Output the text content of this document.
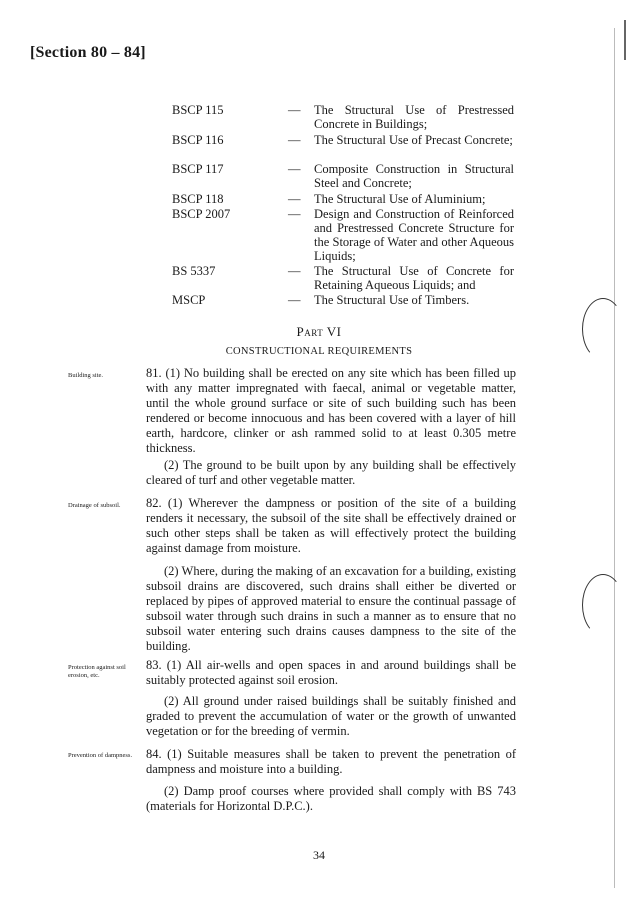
[Section 80 – 84]
BSCP 115	— The Structural Use of Prestressed Concrete in Buildings;
BSCP 116	— The Structural Use of Precast Concrete;
BSCP 117	— Composite Construction in Structural Steel and Concrete;
BSCP 118	— The Structural Use of Aluminium;
BSCP 2007	— Design and Construction of Reinforced and Prestressed Concrete Structure for the Storage of Water and other Aqueous Liquids;
BS 5337	— The Structural Use of Concrete for Retaining Aqueous Liquids; and
MSCP	— The Structural Use of Timbers.
Part VI
CONSTRUCTIONAL REQUIREMENTS
Building site.	81. (1) No building shall be erected on any site which has been filled up with any matter impregnated with faecal, animal or vegetable matter, until the whole ground surface or site of such building such has been rendered or become innocuous and has been covered with a layer of hill earth, hardcore, clinker or ash rammed solid to at least 0.305 metre thickness.
(2) The ground to be built upon by any building shall be effectively cleared of turf and other vegetable matter.
Drainage of subsoil.	82. (1) Wherever the dampness or position of the site of a building renders it necessary, the subsoil of the site shall be effectively drained or such other steps shall be taken as will effectively protect the building against damage from moisture.
(2) Where, during the making of an excavation for a building, existing subsoil drains are discovered, such drains shall either be diverted or replaced by pipes of approved material to ensure the continual passage of subsoil water through such drains in such a manner as to ensure that no subsoil water entering such drains causes dampness to the site of the building.
Protection against soil erosion, etc.
83. (1) All air-wells and open spaces in and around buildings shall be suitably protected against soil erosion.
(2) All ground under raised buildings shall be suitably finished and graded to prevent the accumulation of water or the growth of unwanted vegetation or for the breeding of vermin.
Prevention of dampness.	84. (1) Suitable measures shall be taken to prevent the penetration of dampness and moisture into a building.
(2) Damp proof courses where provided shall comply with BS 743 (materials for Horizontal D.P.C.).
34
